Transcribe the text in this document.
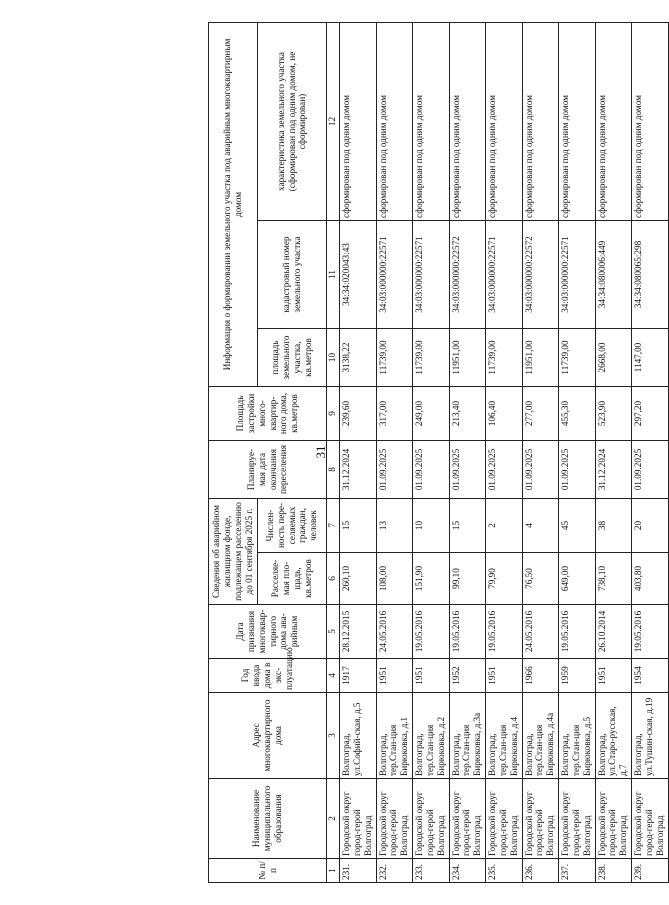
31
№ п/п	Наименование муниципального образования	Адрес многоквартирного дома	Год ввода дома в экс-плуатацию	Дата признания многоквар-тирного дома ава-рийным	Сведения об аварийном жилищном фонде, подлежащем расселению до 01 сентября 2025 г.		Планируе-мая дата окончания переселения	Площадь застройки много-квартир-ного дома, кв.метров	Информация о формировании земельного участка под аварийным многоквартирным домом		
					Расселяе-мая пло-щадь, кв.метров	Числен-ность пере-селяемых граждан, человек			площадь земельного участка, кв.метров	кадастровый номер земельного участка	характеристика земельного участка (сформирован под одним домом, не сформирован)
1	2	3	4	5	6	7	8	9	10	11	12
231.	Городской округ город-герой Волгоград	Волгоград, ул.Софий-ская, д.5	1917	28.12.2015	260,10	15	31.12.2024	239,60	3138,22	34:34:020043:43	сформирован под одним домом
232.	Городской округ город-герой Волгоград	Волгоград, тер.Стан-ция Бирюковка, д.1	1951	24.05.2016	108,00	13	01.09.2025	317,00	11739,00	34:03:000000:22571	сформирован под одним домом
233.	Городской округ город-герой Волгоград	Волгоград, тер.Стан-ция Бирюковка, д.2	1951	19.05.2016	151,90	10	01.09.2025	249,00	11739,00	34:03:000000:22571	сформирован под одним домом
234.	Городской округ город-герой Волгоград	Волгоград, тер.Стан-ция Бирюковка, д.3а	1952	19.05.2016	99,10	15	01.09.2025	213,40	11951,00	34:03:000000:22572	сформирован под одним домом
235.	Городской округ город-герой Волгоград	Волгоград, тер.Стан-ция Бирюковка, д.4	1951	19.05.2016	79,90	2	01.09.2025	106,40	11739,00	34:03:000000:22571	сформирован под одним домом
236.	Городской округ город-герой Волгоград	Волгоград, тер.Стан-ция Бирюковка, д.4а	1966	24.05.2016	76,50	4	01.09.2025	277,00	11951,00	34:03:000000:22572	сформирован под одним домом
237.	Городской округ город-герой Волгоград	Волгоград, тер.Стан-ция Бирюковка, д.5	1959	19.05.2016	649,00	45	01.09.2025	455,30	11739,00	34:03:000000:22571	сформирован под одним домом
238.	Городской округ город-герой Волгоград	Волгоград, ул.Старо-русская, д.7	1951	26.10.2014	738,10	38	31.12.2024	523,90	2668,00	34:34:080006:449	сформирован под одним домом
239.	Городской округ город-герой Волгоград	Волгоград, ул.Тушин-ская, д.19	1954	19.05.2016	403,80	20	01.09.2025	297,20	1147,00	34:34:080065:298	сформирован под одним домом
